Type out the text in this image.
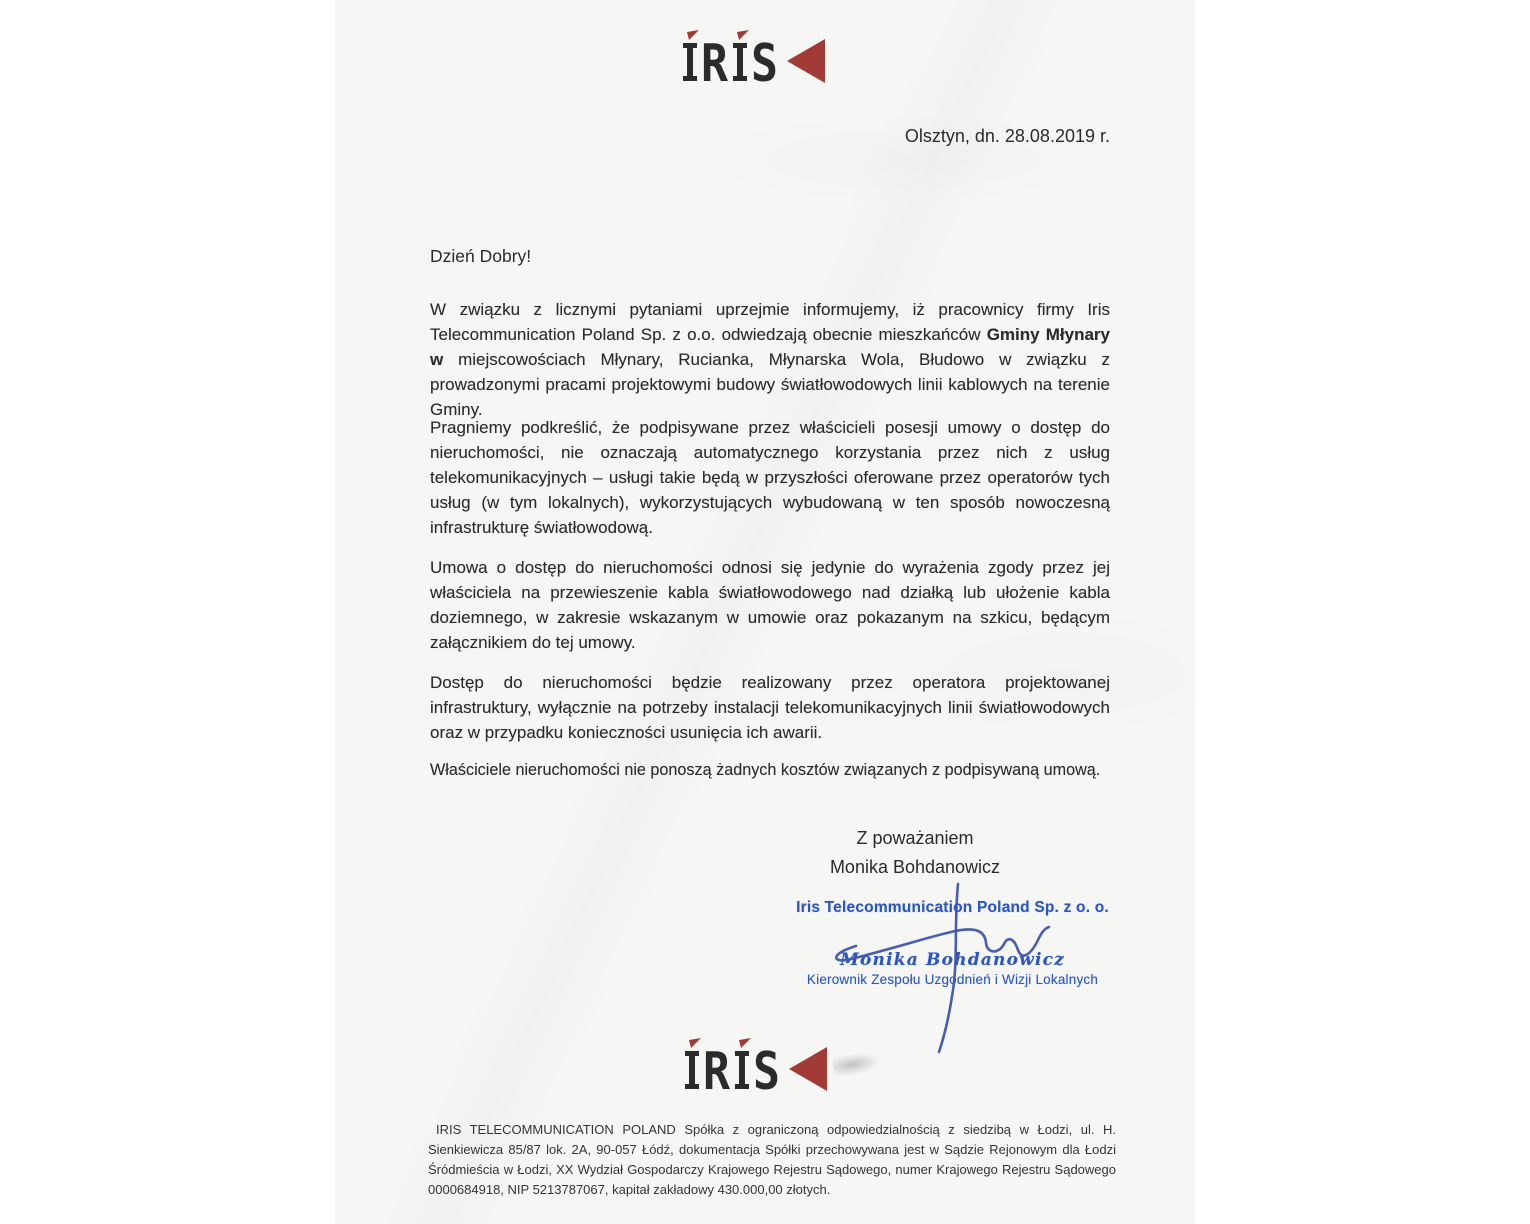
R S
Olsztyn, dn. 28.08.2019 r.
Dzień Dobry!

W związku z licznymi pytaniami uprzejmie informujemy, iż pracownicy firmy Iris Telecommunication Poland Sp. z o.o. odwiedzają obecnie mieszkańców Gminy Młynary w miejscowościach Młynary, Rucianka, Młynarska Wola, Błudowo w związku z prowadzonymi pracami projektowymi budowy światłowodowych linii kablowych na terenie Gminy.

Pragniemy podkreślić, że podpisywane przez właścicieli posesji umowy o dostęp do nieruchomości, nie oznaczają automatycznego korzystania przez nich z usług telekomunikacyjnych – usługi takie będą w przyszłości oferowane przez operatorów tych usług (w tym lokalnych), wykorzystujących wybudowaną w ten sposób nowoczesną infrastrukturę światłowodową.

Umowa o dostęp do nieruchomości odnosi się jedynie do wyrażenia zgody przez jej właściciela na przewieszenie kabla światłowodowego nad działką lub ułożenie kabla doziemnego, w zakresie wskazanym w umowie oraz pokazanym na szkicu, będącym załącznikiem do tej umowy.

Dostęp do nieruchomości będzie realizowany przez operatora projektowanej infrastruktury, wyłącznie na potrzeby instalacji telekomunikacyjnych linii światłowodowych oraz w przypadku konieczności usunięcia ich awarii.

Właściciele nieruchomości nie ponoszą żadnych kosztów związanych z podpisywaną umową.

Z poważaniem
Monika Bohdanowicz
Iris Telecommunication Poland Sp. z o. o.
Monika Bohdanowicz
Kierownik Zespołu Uzgodnień i Wizji Lokalnych
R S
IRIS TELECOMMUNICATION POLAND Spółka z ograniczoną odpowiedzialnością z siedzibą w Łodzi, ul. H. Sienkiewicza 85/87 lok. 2A, 90-057 Łódź, dokumentacja Spółki przechowywana jest w Sądzie Rejonowym dla Łodzi Śródmieścia w Łodzi, XX Wydział Gospodarczy Krajowego Rejestru Sądowego, numer Krajowego Rejestru Sądowego 0000684918, NIP 5213787067, kapitał zakładowy 430.000,00 złotych.
